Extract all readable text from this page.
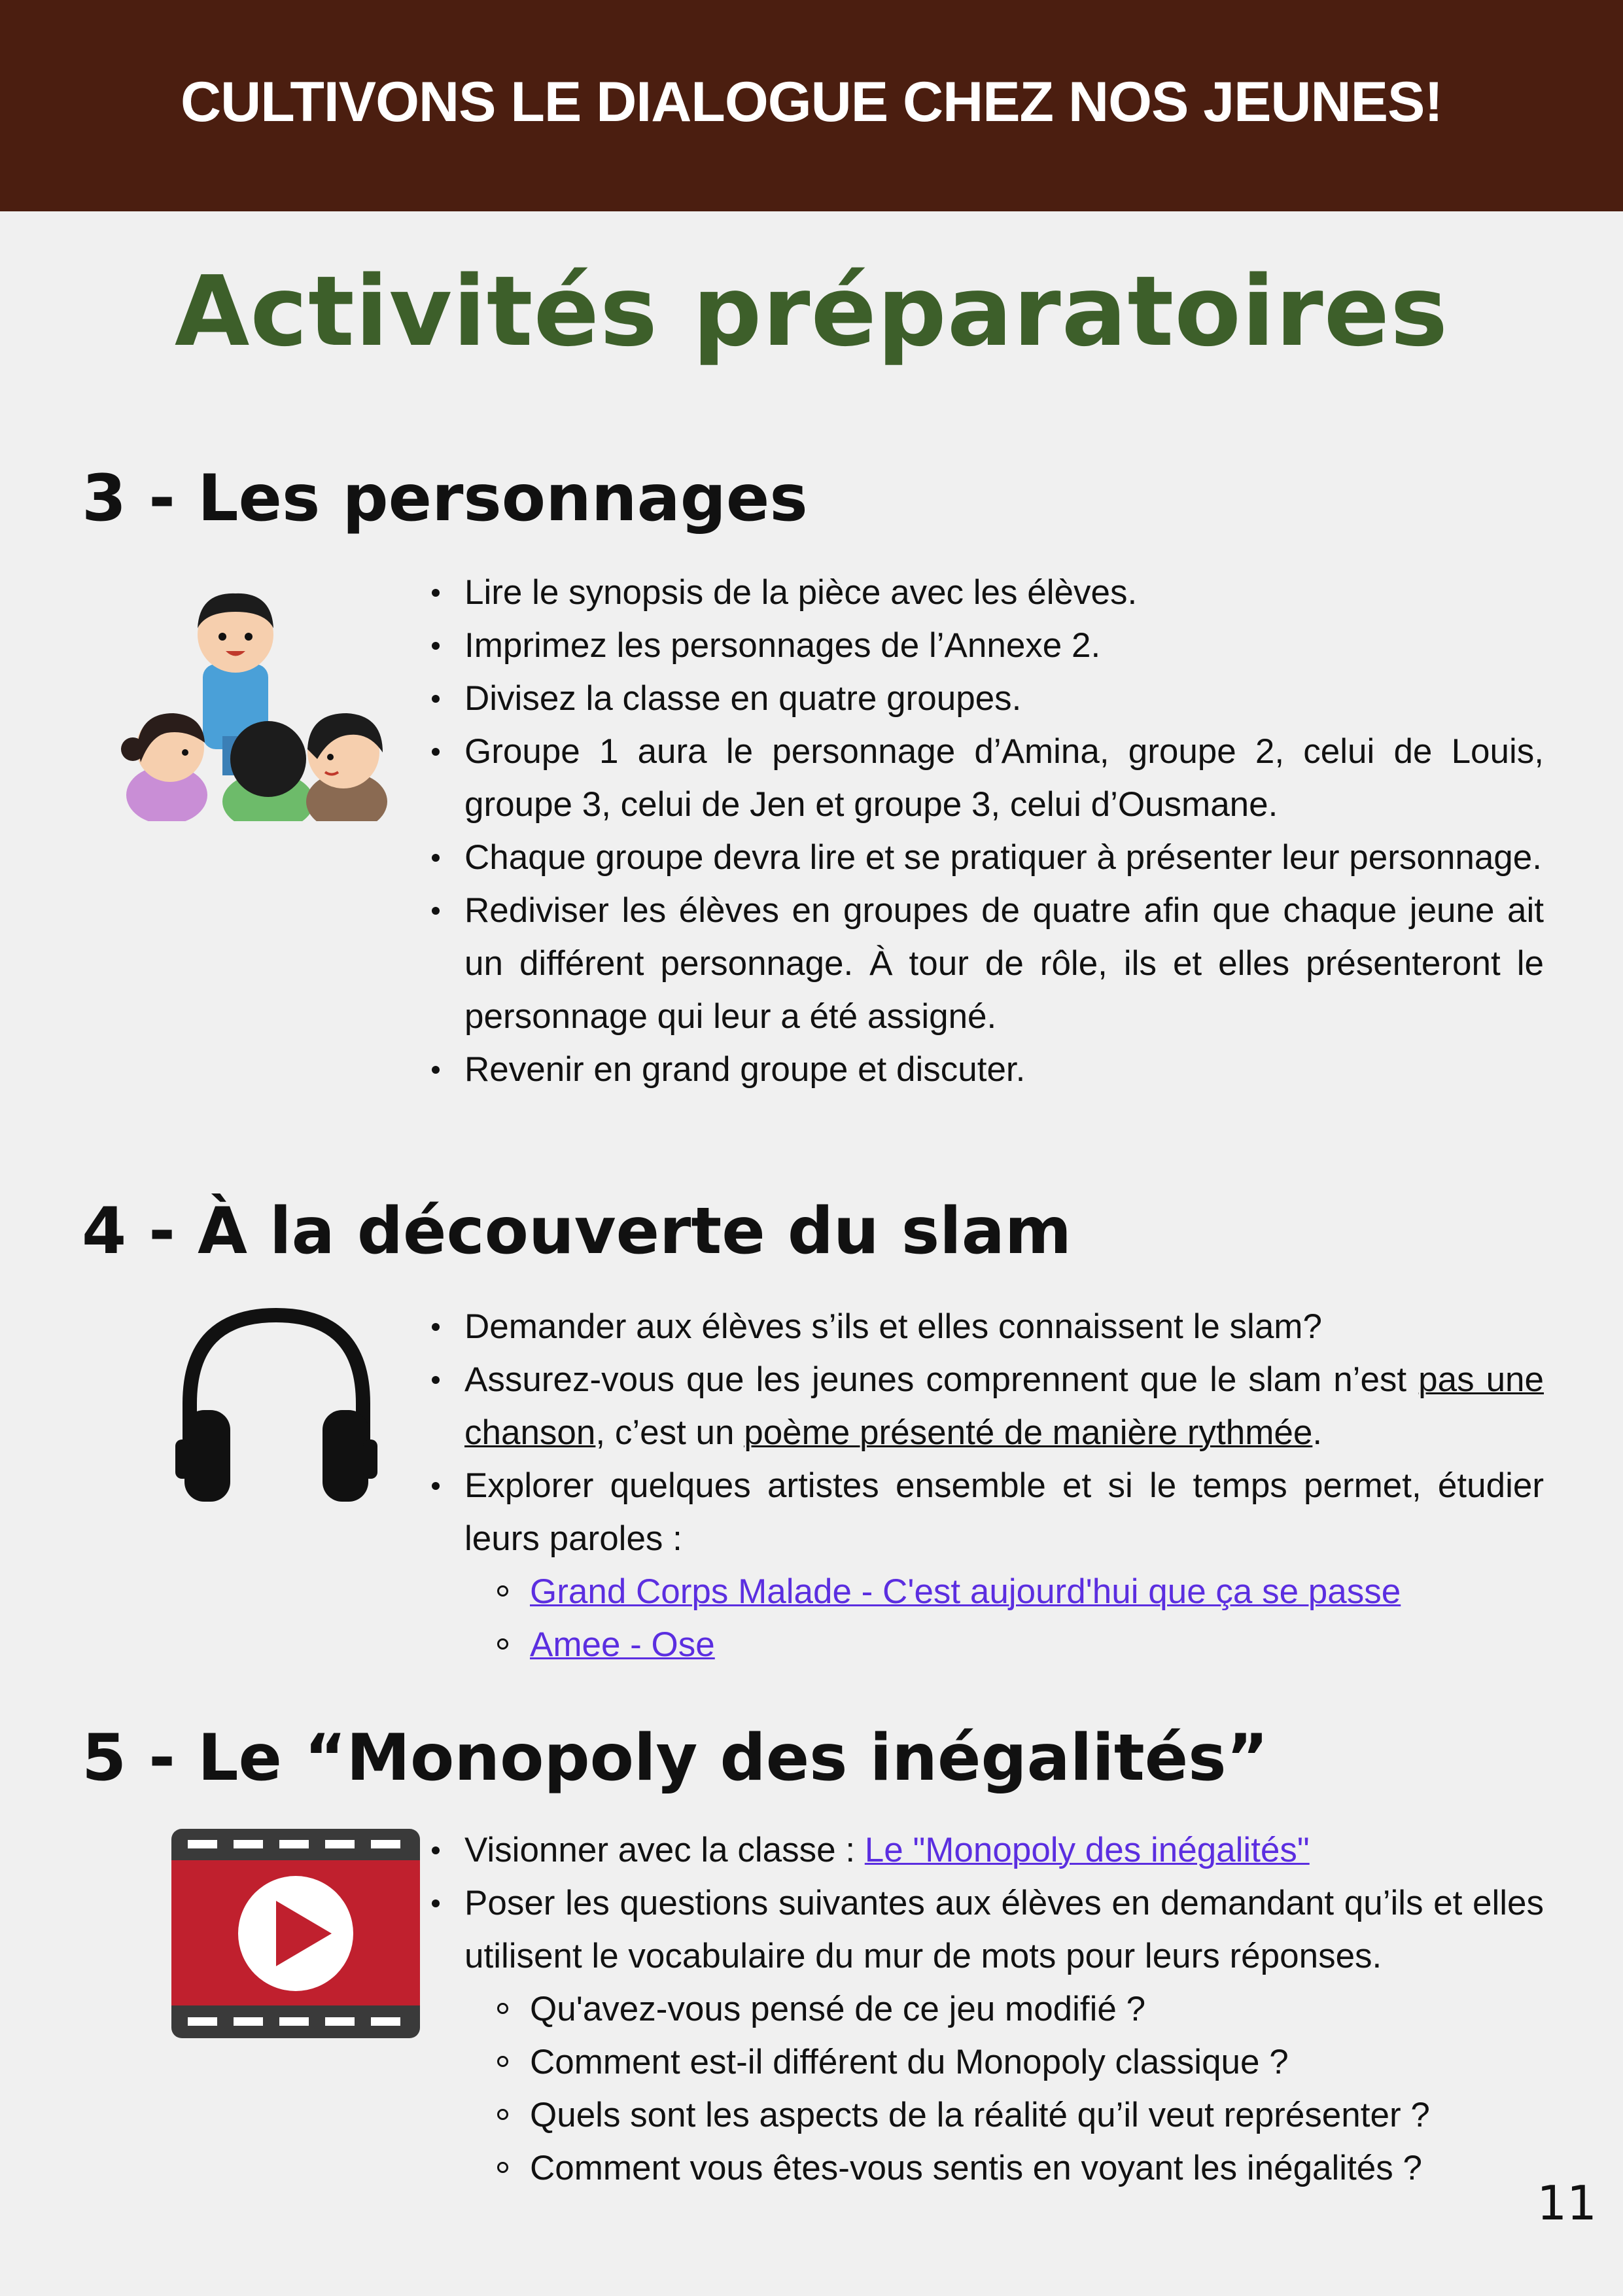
CULTIVONS LE DIALOGUE CHEZ NOS JEUNES!
Activités préparatoires
3 - Les personnages
Lire le synopsis de la pièce avec les élèves.
Imprimez les personnages de l’Annexe 2.
Divisez la classe en quatre groupes.
Groupe 1 aura le personnage d’Amina, groupe 2, celui de Louis, groupe 3, celui de Jen et groupe 3, celui d’Ousmane.
Chaque groupe devra lire et se pratiquer à présenter leur personnage.
Rediviser les élèves en groupes de quatre afin que chaque jeune ait un différent personnage. À tour de rôle, ils et elles présenteront le personnage qui leur a été assigné.
Revenir en grand groupe et discuter.
4 - À la découverte du slam
Demander aux élèves s’ils et elles connaissent le slam?
Assurez-vous que les jeunes comprennent que le slam n’est pas une chanson, c’est un poème présenté de manière rythmée.
Explorer quelques artistes ensemble et si le temps permet, étudier leurs paroles :
Grand Corps Malade - C'est aujourd'hui que ça se passe
Amee - Ose
5 - Le “Monopoly des inégalités”
Visionner avec la classe : Le "Monopoly des inégalités"
Poser les questions suivantes aux élèves en demandant qu’ils et elles utilisent le vocabulaire du mur de mots pour leurs réponses.
Qu'avez-vous pensé de ce jeu modifié ?
Comment est-il différent du Monopoly classique ?
Quels sont les aspects de la réalité qu’il veut représenter ?
Comment vous êtes-vous sentis en voyant les inégalités ?
11
